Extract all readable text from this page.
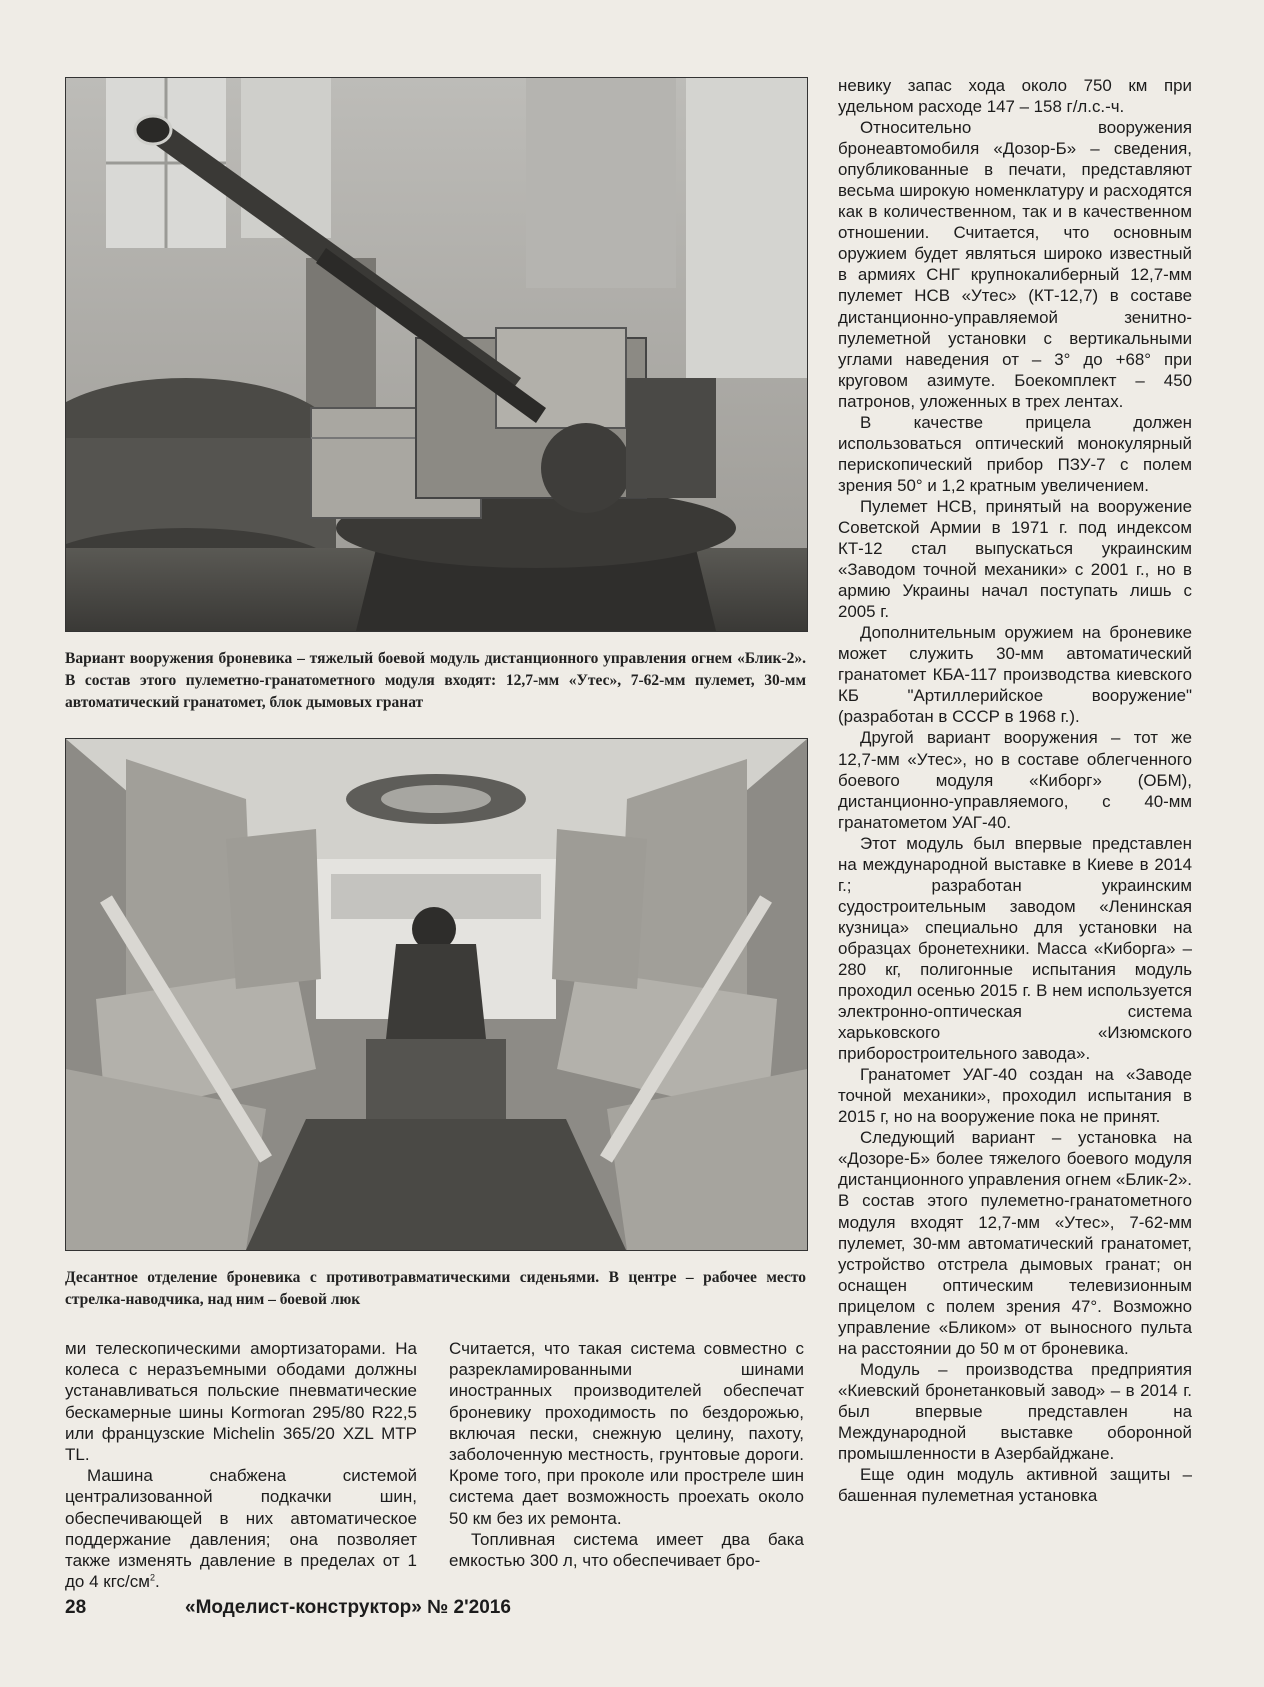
Вариант вооружения броневика – тяжелый боевой модуль дистанционного управления огнем «Блик-2». В состав этого пулеметно-гранатометного модуля входят: 12,7-мм «Утес», 7-62-мм пулемет, 30-мм автоматический гранатомет, блок дымовых гранат
Десантное отделение броневика с противотравматическими сиденьями. В центре – рабочее место стрелка-наводчика, над ним – боевой люк

ми телескопическими амортизаторами. На колеса с неразъемными ободами должны устанавливаться польские пневматические бескамерные шины Kormoran 295/80 R22,5 или французские Michelin 365/20 XZL MTP TL.

Машина снабжена системой централизованной подкачки шин, обеспечивающей в них автоматическое поддержание давления; она позволяет также изменять давление в пределах от 1 до 4 кгс/$см^2$.

Считается, что такая система совместно с разрекламированными шинами иностранных производителей обеспечат броневику проходимость по бездорожью, включая пески, снежную целину, пахоту, заболоченную местность, грунтовые дороги. Кроме того, при проколе или прострелe шин система дает возможность проехать около 50 км без их ремонта.

Топливная система имеет два бака емкостью 300 л, что обеспечивает бро-

невику запас хода около 750 км при удельном расходе 147 – 158 г/л.с.-ч.

Относительно вооружения бронеавтомобиля «Дозор-Б» – сведения, опубликованные в печати, представляют весьма широкую номенклатуру и расходятся как в количественном, так и в качественном отношении. Считается, что основным оружием будет являться широко известный в армиях СНГ крупнокалиберный 12,7-мм пулемет НСВ «Утес» (КТ-12,7) в составе дистанционно-управляемой зенитно-пулеметной установки с вертикальными углами наведения от – 3° до +68° при круговом азимуте. Боекомплект – 450 патронов, уложенных в трех лентах.

В качестве прицела должен использоваться оптический монокулярный перископический прибор ПЗУ-7 с полем зрения 50° и 1,2 кратным увеличением.

Пулемет НСВ, принятый на вооружение Советской Армии в 1971 г. под индексом КТ-12 стал выпускаться украинским «Заводом точной механики» с 2001 г., но в армию Украины начал поступать лишь с 2005 г.

Дополнительным оружием на броневике может служить 30-мм автоматический гранатомет КБА-117 производства киевского КБ "Артиллерийское вооружение" (разработан в СССР в 1968 г.).

Другой вариант вооружения – тот же 12,7-мм «Утес», но в составе облегченного боевого модуля «Киборг» (ОБМ), дистанционно-управляемого, с 40-мм гранатометом УАГ-40.

Этот модуль был впервые представлен на международной выставке в Киеве в 2014 г.; разработан украинским судостроительным заводом «Ленинская кузница» специально для установки на образцах бронетехники. Масса «Киборга» – 280 кг, полигонные испытания модуль проходил осенью 2015 г. В нем используется электронно-оптическая система харьковского «Изюмского приборостроительного завода».

Гранатомет УАГ-40 создан на «Заводе точной механики», проходил испытания в 2015 г, но на вооружение пока не принят.

Следующий вариант – установка на «Дозоре-Б» более тяжелого боевого модуля дистанционного управления огнем «Блик-2». В состав этого пулеметно-гранатометного модуля входят 12,7-мм «Утес», 7-62-мм пулемет, 30-мм автоматический гранатомет, устройство отстрела дымовых гранат; он оснащен оптическим телевизионным прицелом с полем зрения 47°. Возможно управление «Бликом» от выносного пульта на расстоянии до 50 м от броневика.

Модуль – производства предприятия «Киевский бронетанковый завод» – в 2014 г. был впервые представлен на Международной выставке оборонной промышленности в Азербайджане.

Еще один модуль активной защиты – башенная пулеметная установка

28	«Моделист-конструктор» № 2'2016
